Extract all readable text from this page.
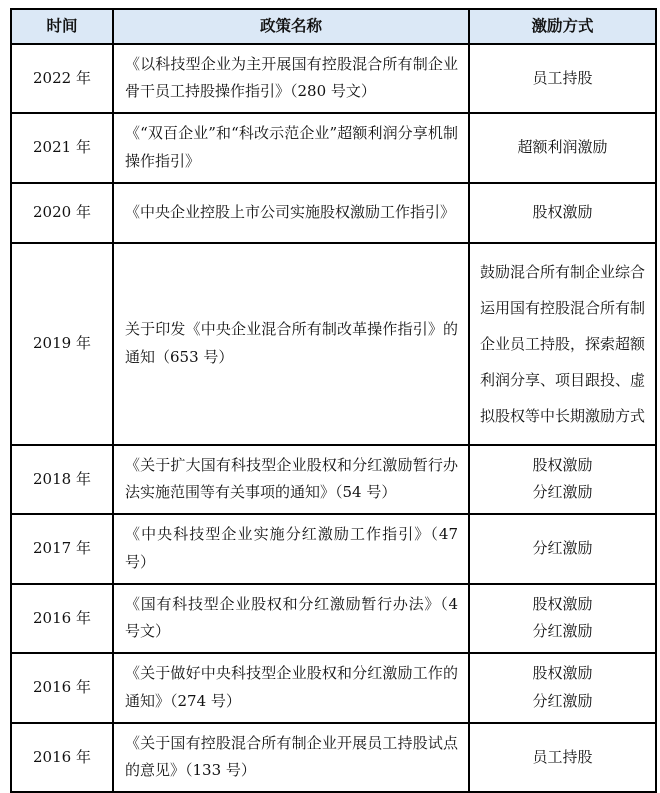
时间	政策名称	激励方式
2022 年	《以科技型企业为主开展国有控股混合所有制企业骨干员工持股操作指引》（280 号文）	员工持股

2021 年	《“双百企业”和“科改示范企业”超额利润分享机制操作指引》	超额利润激励

2020 年	《中央企业控股上市公司实施股权激励工作指引》	股权激励

2019 年	关于印发《中央企业混合所有制改革操作指引》的通知（653 号）	鼓励混合所有制企业综合运用国有控股混合所有制企业员工持股，探索超额利润分享、项目跟投、虚拟股权等中长期激励方式

2018 年	《关于扩大国有科技型企业股权和分红激励暂行办法实施范围等有关事项的通知》（54 号）	股权激励
分红激励

2017 年	《中央科技型企业实施分红激励工作指引》（47 号）	分红激励

2016 年	《国有科技型企业股权和分红激励暂行办法》（4 号文）	股权激励
分红激励

2016 年	《关于做好中央科技型企业股权和分红激励工作的通知》（274 号）	股权激励
分红激励

2016 年	《关于国有控股混合所有制企业开展员工持股试点的意见》（133 号）	员工持股
